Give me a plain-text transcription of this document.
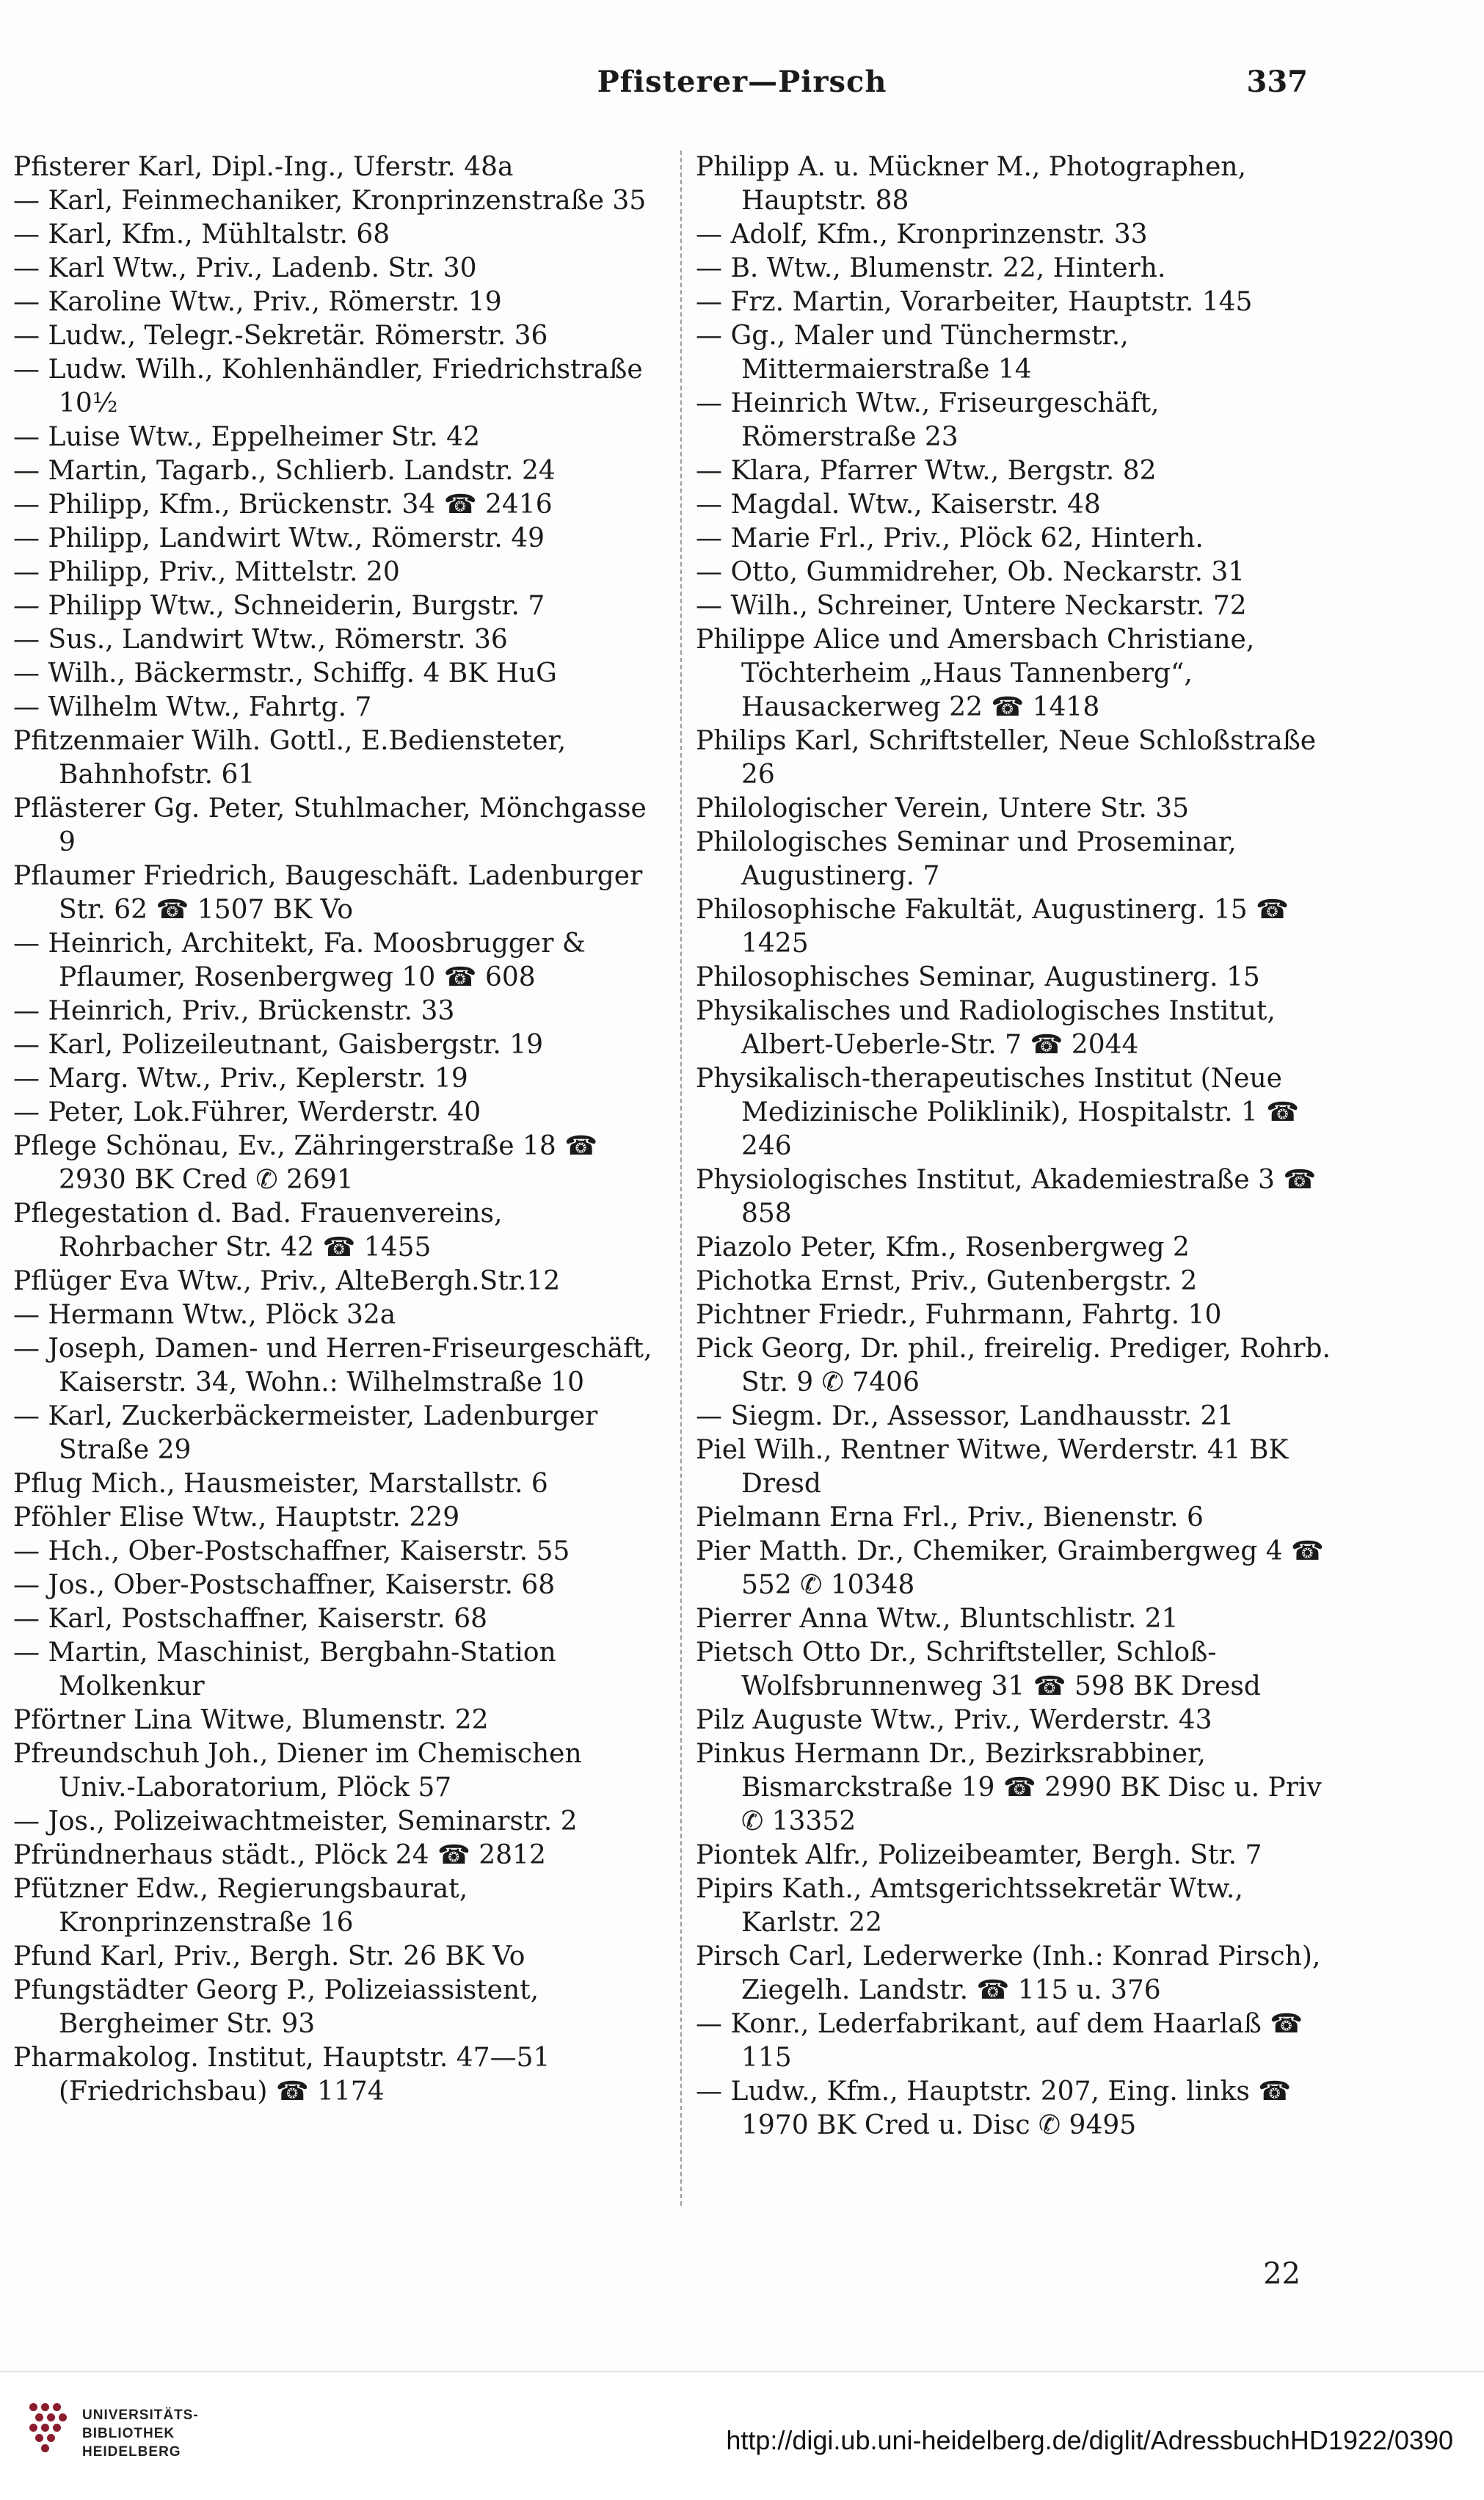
Pfisterer—Pirsch	337

Pfisterer Karl, Dipl.-Ing., Uferstr. 48a

— Karl, Feinmechaniker, Kronprinzenstraße 35

— Karl, Kfm., Mühltalstr. 68

— Karl Wtw., Priv., Ladenb. Str. 30

— Karoline Wtw., Priv., Römerstr. 19

— Ludw., Telegr.-Sekretär. Römerstr. 36

— Ludw. Wilh., Kohlenhändler, Friedrichstraße 10½

— Luise Wtw., Eppelheimer Str. 42

— Martin, Tagarb., Schlierb. Landstr. 24

— Philipp, Kfm., Brückenstr. 34 ☎ 2416

— Philipp, Landwirt Wtw., Römerstr. 49

— Philipp, Priv., Mittelstr. 20

— Philipp Wtw., Schneiderin, Burgstr. 7

— Sus., Landwirt Wtw., Römerstr. 36

— Wilh., Bäckermstr., Schiffg. 4 BK HuG

— Wilhelm Wtw., Fahrtg. 7

Pfitzenmaier Wilh. Gottl., E.Bediensteter, Bahnhofstr. 61

Pflästerer Gg. Peter, Stuhlmacher, Mönchgasse 9

Pflaumer Friedrich, Baugeschäft. Ladenburger Str. 62 ☎ 1507 BK Vo

— Heinrich, Architekt, Fa. Moosbrugger & Pflaumer, Rosenbergweg 10 ☎ 608

— Heinrich, Priv., Brückenstr. 33

— Karl, Polizeileutnant, Gaisbergstr. 19

— Marg. Wtw., Priv., Keplerstr. 19

— Peter, Lok.Führer, Werderstr. 40

Pflege Schönau, Ev., Zähringerstraße 18 ☎ 2930 BK Cred ✆ 2691

Pflegestation d. Bad. Frauenvereins, Rohrbacher Str. 42 ☎ 1455

Pflüger Eva Wtw., Priv., AlteBergh.Str.12

— Hermann Wtw., Plöck 32a

— Joseph, Damen- und Herren-Friseurgeschäft, Kaiserstr. 34, Wohn.: Wilhelmstraße 10

— Karl, Zuckerbäckermeister, Ladenburger Straße 29

Pflug Mich., Hausmeister, Marstallstr. 6

Pföhler Elise Wtw., Hauptstr. 229

— Hch., Ober-Postschaffner, Kaiserstr. 55

— Jos., Ober-Postschaffner, Kaiserstr. 68

— Karl, Postschaffner, Kaiserstr. 68

— Martin, Maschinist, Bergbahn-Station Molkenkur

Pförtner Lina Witwe, Blumenstr. 22

Pfreundschuh Joh., Diener im Chemischen Univ.-Laboratorium, Plöck 57

— Jos., Polizeiwachtmeister, Seminarstr. 2

Pfründnerhaus städt., Plöck 24 ☎ 2812

Pfützner Edw., Regierungsbaurat, Kronprinzenstraße 16

Pfund Karl, Priv., Bergh. Str. 26 BK Vo

Pfungstädter Georg P., Polizeiassistent, Bergheimer Str. 93

Pharmakolog. Institut, Hauptstr. 47—51 (Friedrichsbau) ☎ 1174

Philipp A. u. Mückner M., Photographen, Hauptstr. 88

— Adolf, Kfm., Kronprinzenstr. 33

— B. Wtw., Blumenstr. 22, Hinterh.

— Frz. Martin, Vorarbeiter, Hauptstr. 145

— Gg., Maler und Tünchermstr., Mittermaierstraße 14

— Heinrich Wtw., Friseurgeschäft, Römerstraße 23

— Klara, Pfarrer Wtw., Bergstr. 82

— Magdal. Wtw., Kaiserstr. 48

— Marie Frl., Priv., Plöck 62, Hinterh.

— Otto, Gummidreher, Ob. Neckarstr. 31

— Wilh., Schreiner, Untere Neckarstr. 72

Philippe Alice und Amersbach Christiane, Töchterheim „Haus Tannenberg“, Hausackerweg 22 ☎ 1418

Philips Karl, Schriftsteller, Neue Schloßstraße 26

Philologischer Verein, Untere Str. 35

Philologisches Seminar und Proseminar, Augustinerg. 7

Philosophische Fakultät, Augustinerg. 15 ☎ 1425

Philosophisches Seminar, Augustinerg. 15

Physikalisches und Radiologisches Institut, Albert-Ueberle-Str. 7 ☎ 2044

Physikalisch-therapeutisches Institut (Neue Medizinische Poliklinik), Hospitalstr. 1 ☎ 246

Physiologisches Institut, Akademiestraße 3 ☎ 858

Piazolo Peter, Kfm., Rosenbergweg 2

Pichotka Ernst, Priv., Gutenbergstr. 2

Pichtner Friedr., Fuhrmann, Fahrtg. 10

Pick Georg, Dr. phil., freirelig. Prediger, Rohrb. Str. 9 ✆ 7406

— Siegm. Dr., Assessor, Landhausstr. 21

Piel Wilh., Rentner Witwe, Werderstr. 41 BK Dresd

Pielmann Erna Frl., Priv., Bienenstr. 6

Pier Matth. Dr., Chemiker, Graimbergweg 4 ☎ 552 ✆ 10348

Pierrer Anna Wtw., Bluntschlistr. 21

Pietsch Otto Dr., Schriftsteller, Schloß-Wolfsbrunnenweg 31 ☎ 598 BK Dresd

Pilz Auguste Wtw., Priv., Werderstr. 43

Pinkus Hermann Dr., Bezirksrabbiner, Bismarckstraße 19 ☎ 2990 BK Disc u. Priv ✆ 13352

Piontek Alfr., Polizeibeamter, Bergh. Str. 7

Pipirs Kath., Amtsgerichtssekretär Wtw., Karlstr. 22

Pirsch Carl, Lederwerke (Inh.: Konrad Pirsch), Ziegelh. Landstr. ☎ 115 u. 376

— Konr., Lederfabrikant, auf dem Haarlaß ☎ 115

— Ludw., Kfm., Hauptstr. 207, Eing. links ☎ 1970 BK Cred u. Disc ✆ 9495

22
UNIVERSITÄTS-
BIBLIOTHEK
HEIDELBERG	http://digi.ub.uni-heidelberg.de/diglit/AdressbuchHD1922/0390
